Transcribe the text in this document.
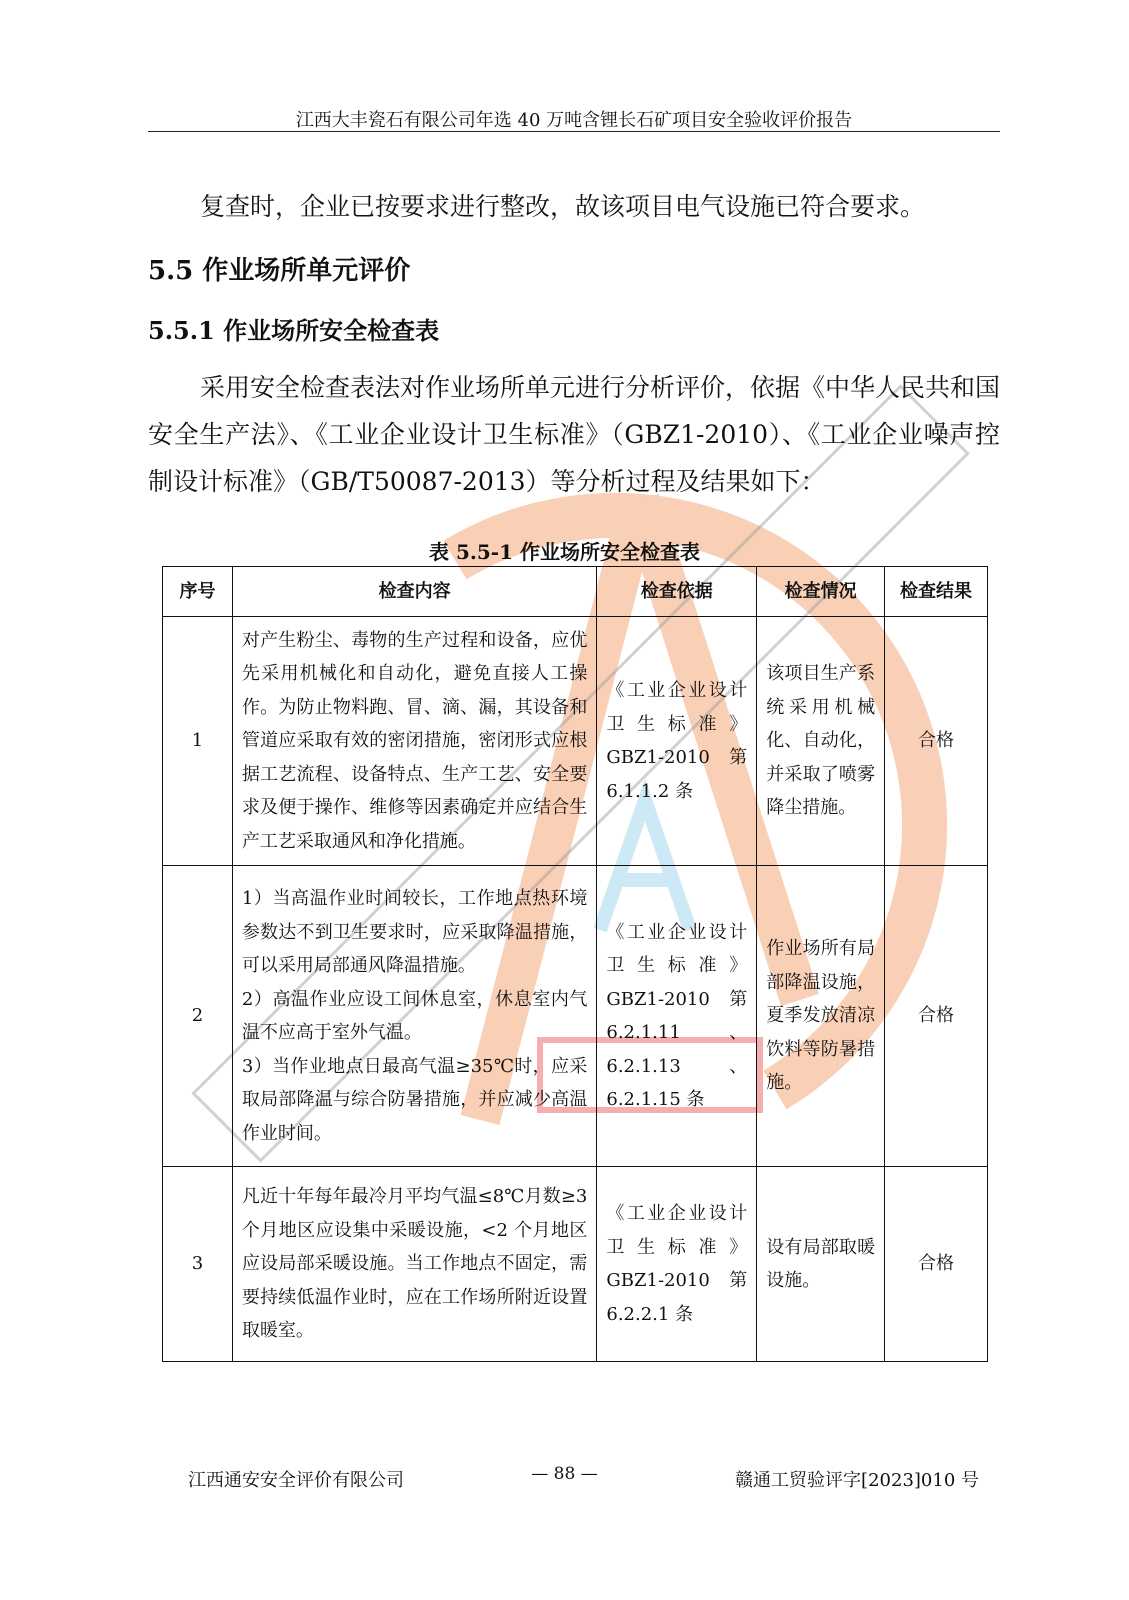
江西大丰瓷石有限公司年选 40 万吨含锂长石矿项目安全验收评价报告
复查时，企业已按要求进行整改，故该项目电气设施已符合要求。
5.5 作业场所单元评价
5.5.1 作业场所安全检查表
采用安全检查表法对作业场所单元进行分析评价，依据《中华人民共和国安全生产法》、《工业企业设计卫生标准》（GBZ1-2010）、《工业企业噪声控制设计标准》（GB/T50087-2013）等分析过程及结果如下：
表 5.5-1 作业场所安全检查表
序号	检查内容	检查依据	检查情况	检查结果
1	对产生粉尘、毒物的生产过程和设备，应优先采用机械化和自动化，避免直接人工操作。为防止物料跑、冒、滴、漏，其设备和管道应采取有效的密闭措施，密闭形式应根据工艺流程、设备特点、生产工艺、安全要求及便于操作、维修等因素确定并应结合生产工艺采取通风和净化措施。	《工业企业设计卫生标准》GBZ1-2010 第 6.1.1.2 条	该项目生产系统采用机械化、自动化，并采取了喷雾降尘措施。	合格
2	1）当高温作业时间较长，工作地点热环境参数达不到卫生要求时，应采取降温措施，可以采用局部通风降温措施。
2）高温作业应设工间休息室，休息室内气温不应高于室外气温。
3）当作业地点日最高气温≥35℃时，应采取局部降温与综合防暑措施，并应减少高温作业时间。	《工业企业设计卫生标准》GBZ1-2010 第 6.2.1.11 、6.2.1.13 、6.2.1.15 条	作业场所有局部降温设施，夏季发放清凉饮料等防暑措施。	合格
3	凡近十年每年最冷月平均气温≤8℃月数≥3 个月地区应设集中采暖设施，<2 个月地区应设局部采暖设施。当工作地点不固定，需要持续低温作业时，应在工作场所附近设置取暖室。	《工业企业设计卫生标准》GBZ1-2010 第 6.2.2.1 条	设有局部取暖设施。	合格
江西通安安全评价有限公司	— 88 —	赣通工贸验评字[2023]010 号
